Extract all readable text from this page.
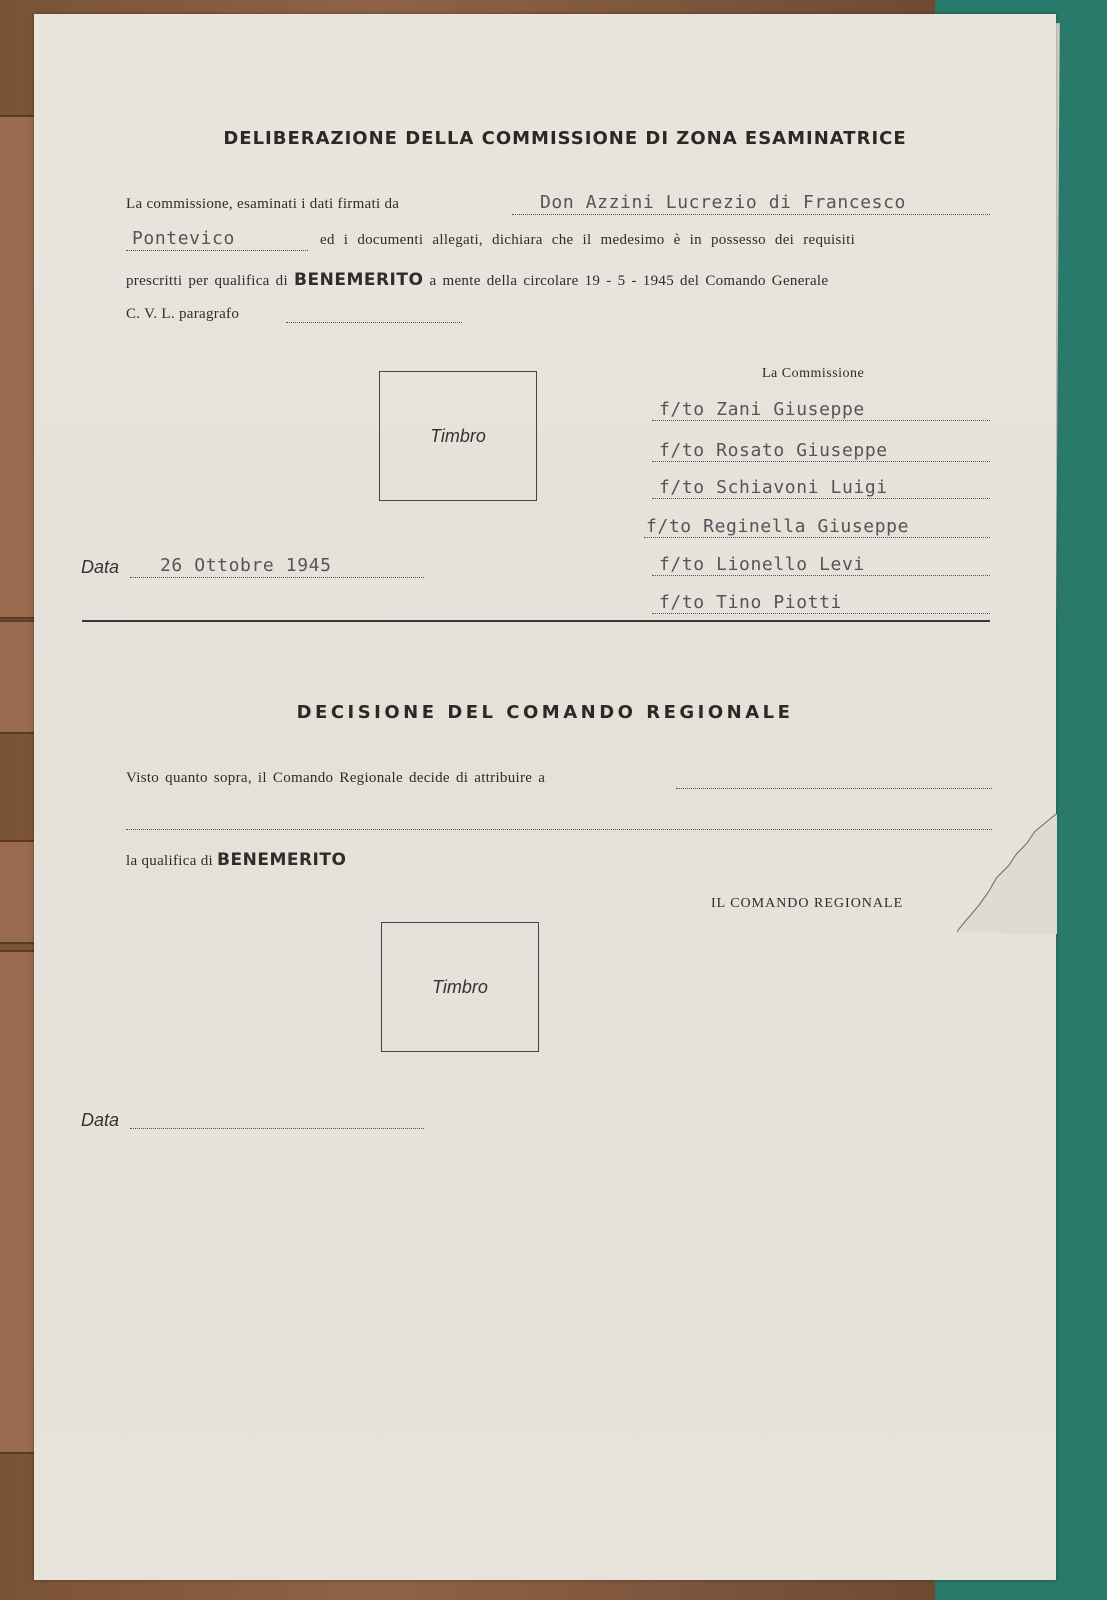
DELIBERAZIONE DELLA COMMISSIONE DI ZONA ESAMINATRICE
La commissione, esaminati i dati firmati da	Don Azzini Lucrezio di Francesco
Pontevico	ed i documenti allegati, dichiara che il medesimo è in possesso dei requisiti
prescritti per qualifica di BENEMERITO a mente della circolare 19 - 5 - 1945 del Comando Generale
C. V. L. paragrafo
Timbro
La Commissione
f/to Zani Giuseppe
f/to Rosato Giuseppe
f/to Schiavoni Luigi
f/to Reginella Giuseppe
f/to Lionello Levi
f/to Tino Piotti
Data 26 Ottobre 1945
DECISIONE DEL COMANDO REGIONALE
Visto quanto sopra, il Comando Regionale decide di attribuire a
la qualifica di BENEMERITO
IL COMANDO REGIONALE
Timbro
Data
